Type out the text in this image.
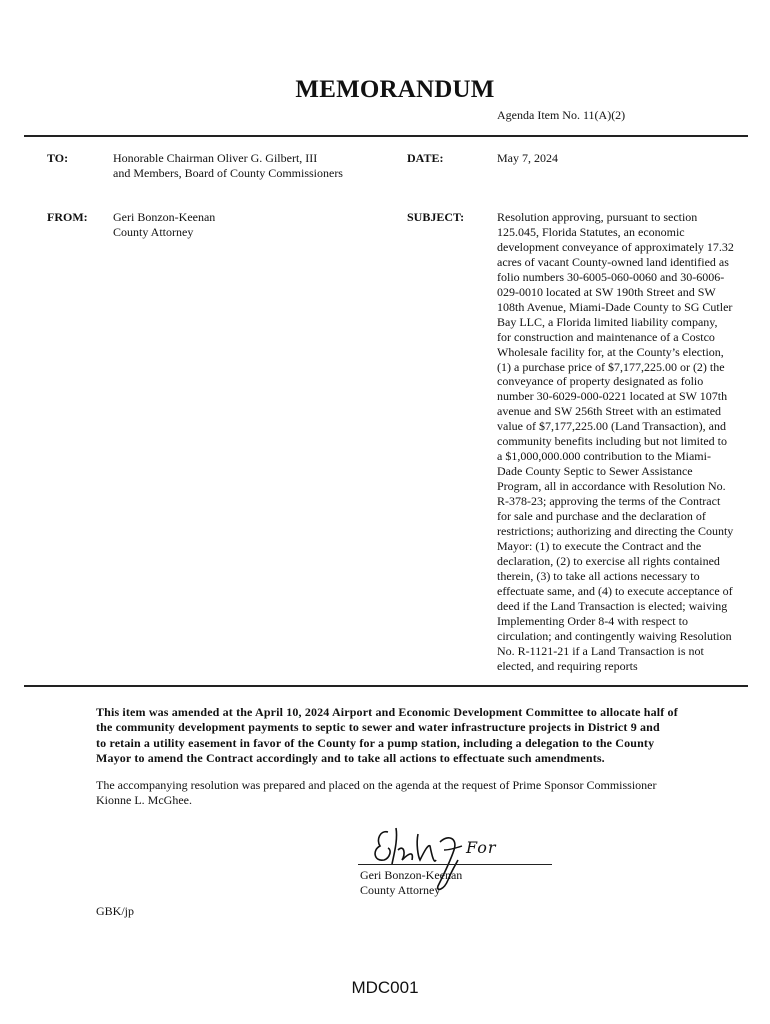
MEMORANDUM
Agenda Item No. 11(A)(2)
TO:	Honorable Chairman Oliver G. Gilbert, III
and Members, Board of County Commissioners
DATE:	May 7, 2024
FROM: Geri Bonzon-Keenan
County Attorney
SUBJECT:	Resolution approving, pursuant to section
125.045, Florida Statutes, an economic
development conveyance of approximately 17.32
acres of vacant County-owned land identified as
folio numbers 30-6005-060-0060 and 30-6006-
029-0010 located at SW 190th Street and SW
108th Avenue, Miami-Dade County to SG Cutler
Bay LLC, a Florida limited liability company,
for construction and maintenance of a Costco
Wholesale facility for, at the County’s election,
(1) a purchase price of $7,177,225.00 or (2) the
conveyance of property designated as folio
number 30-6029-000-0221 located at SW 107th
avenue and SW 256th Street with an estimated
value of $7,177,225.00 (Land Transaction), and
community benefits including but not limited to
a $1,000,000.000 contribution to the Miami-
Dade County Septic to Sewer Assistance
Program, all in accordance with Resolution No.
R-378-23; approving the terms of the Contract
for sale and purchase and the declaration of
restrictions; authorizing and directing the County
Mayor: (1) to execute the Contract and the
declaration, (2) to exercise all rights contained
therein, (3) to take all actions necessary to
effectuate same, and (4) to execute acceptance of
deed if the Land Transaction is elected; waiving
Implementing Order 8-4 with respect to
circulation; and contingently waiving Resolution
No. R-1121-21 if a Land Transaction is not
elected, and requiring reports
This item was amended at the April 10, 2024 Airport and Economic Development Committee to allocate half of
the community development payments to septic to sewer and water infrastructure projects in District 9 and
to retain a utility easement in favor of the County for a pump station, including a delegation to the County
Mayor to amend the Contract accordingly and to take all actions to effectuate such amendments.
The accompanying resolution was prepared and placed on the agenda at the request of Prime Sponsor Commissioner
Kionne L. McGhee.
For
Geri Bonzon-Keenan
County Attorney
GBK/jp
MDC001
